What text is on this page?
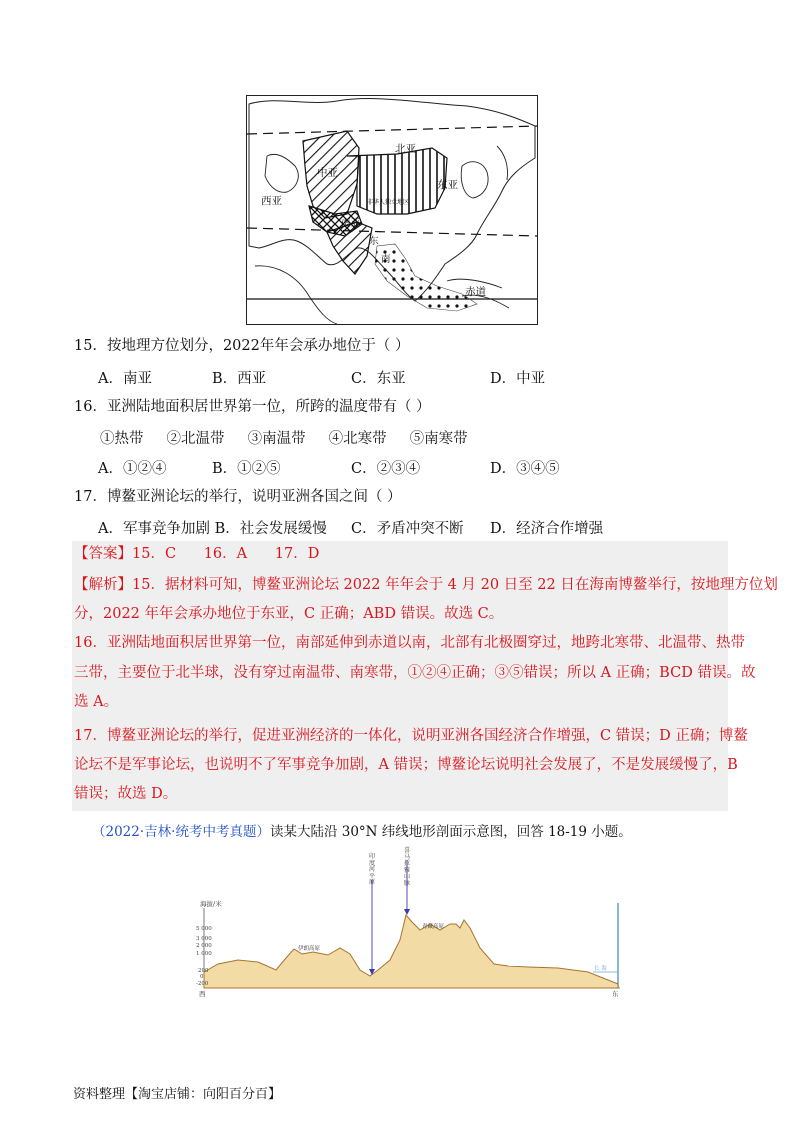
北亚
中亚
西亚
东亚
南亚
东
南
非华人独立地区
赤道
15．按地理方位划分，2022年年会承办地位于（ ）
A．南亚	B．西亚	C．东亚	D．中亚
16．亚洲陆地面积居世界第一位，所跨的温度带有（ ）
①热带     ②北温带     ③南温带     ④北寒带     ⑤南寒带
A．①②④	B．①②⑤	C．②③④	D．③④⑤
17．博鳌亚洲论坛的举行，说明亚洲各国之间（ ）
A．军事竞争加剧 B．社会发展缓慢 C．矛盾冲突不断 D．经济合作增强
【答案】15．C      16．A      17．D
【解析】15．据材料可知，博鳌亚洲论坛 2022 年年会于 4 月 20 日至 22 日在海南博鳌举行，按地理方位划
分，2022 年年会承办地位于东亚，C 正确；ABD 错误。故选 C。
16．亚洲陆地面积居世界第一位，南部延伸到赤道以南，北部有北极圈穿过，地跨北寒带、北温带、热带
三带，主要位于北半球，没有穿过南温带、南寒带，①②④正确；③⑤错误；所以 A 正确；BCD 错误。故
选 A。
17．博鳌亚洲论坛的举行，促进亚洲经济的一体化，说明亚洲各国经济合作增强，C 错误；D 正确；博鳌
论坛不是军事论坛，也说明不了军事竞争加剧，A 错误；博鳌论坛说明社会发展了，不是发展缓慢了，B
错误；故选 D。
（2022·吉林·统考中考真题）读某大陆沿 30°N 纬线地形剖面示意图，回答 18-19 小题。
5 000
3 000
2 000
1 000
200
0
-200
海拔/米
伊朗高原
青藏高原
长 海
西	东
印度河平原
喜马拉雅山脉
资料整理【淘宝店铺：向阳百分百】
